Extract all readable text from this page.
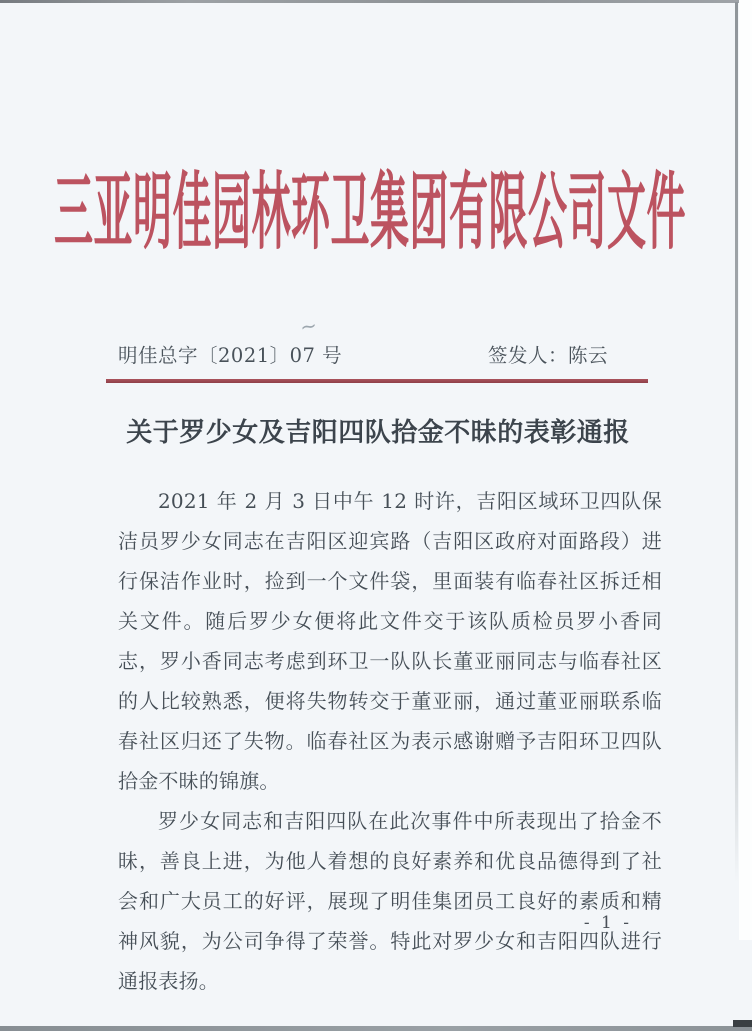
~
三亚明佳园林环卫集团有限公司文件
明佳总字〔2021〕07 号	签发人：陈云
关于罗少女及吉阳四队拾金不昧的表彰通报

2021 年 2 月 3 日中午 12 时许，吉阳区域环卫四队保洁员罗少女同志在吉阳区迎宾路（吉阳区政府对面路段）进行保洁作业时，捡到一个文件袋，里面装有临春社区拆迁相关文件。随后罗少女便将此文件交于该队质检员罗小香同志，罗小香同志考虑到环卫一队队长董亚丽同志与临春社区的人比较熟悉，便将失物转交于董亚丽，通过董亚丽联系临春社区归还了失物。临春社区为表示感谢赠予吉阳环卫四队拾金不昧的锦旗。

罗少女同志和吉阳四队在此次事件中所表现出了拾金不昧，善良上进，为他人着想的良好素养和优良品德得到了社会和广大员工的好评，展现了明佳集团员工良好的素质和精神风貌，为公司争得了荣誉。特此对罗少女和吉阳四队进行通报表扬。

- 1 -
